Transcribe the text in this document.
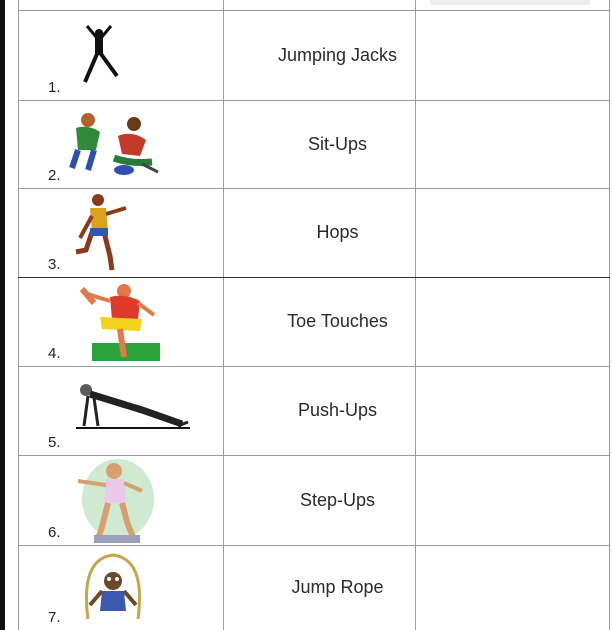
1.
Jumping Jacks
2.
Sit-Ups
3.
Hops
4.
Toe Touches
5.
Push-Ups
6.
Step-Ups
7.
Jump Rope
